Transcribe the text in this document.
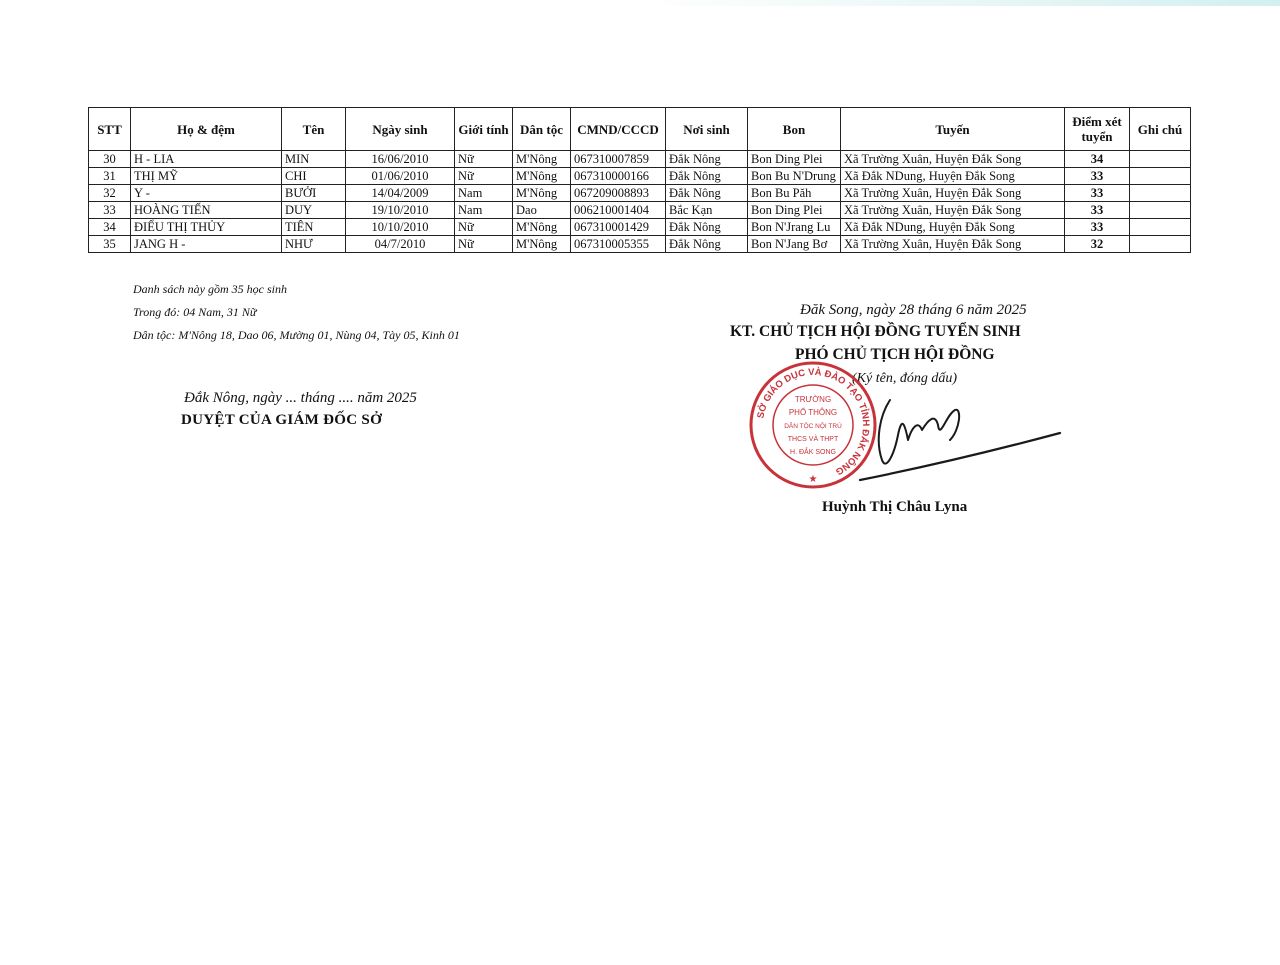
STT	Họ & đệm	Tên	Ngày sinh	Giới tính	Dân tộc	CMND/CCCD	Nơi sinh	Bon	Tuyến	Điểm xét tuyển	Ghi chú
30	H - LIA	MIN	16/06/2010	Nữ	M'Nông	067310007859	Đắk Nông	Bon Ding Plei	Xã Trường Xuân, Huyện Đắk Song	34	
31	THỊ MỸ	CHI	01/06/2010	Nữ	M'Nông	067310000166	Đắk Nông	Bon Bu N'Drung	Xã Đắk NDung, Huyện Đắk Song	33	
32	Y -	BƯỞI	14/04/2009	Nam	M'Nông	067209008893	Đắk Nông	Bon Bu Păh	Xã Trường Xuân, Huyện Đắk Song	33	
33	HOÀNG TIẾN	DUY	19/10/2010	Nam	Dao	006210001404	Bắc Kạn	Bon Ding Plei	Xã Trường Xuân, Huyện Đắk Song	33	
34	ĐIỂU THỊ THỦY	TIÊN	10/10/2010	Nữ	M'Nông	067310001429	Đắk Nông	Bon N'Jrang Lu	Xã Đắk NDung, Huyện Đắk Song	33	
35	JANG H -	NHƯ	04/7/2010	Nữ	M'Nông	067310005355	Đắk Nông	Bon N'Jang Bơ	Xã Trường Xuân, Huyện Đắk Song	32	
Danh sách này gồm 35 học sinh
Trong đó: 04 Nam, 31 Nữ
Dân tộc: M'Nông 18, Dao 06, Mường 01, Nùng 04, Tày 05, Kinh 01
Đắk Nông, ngày ... tháng .... năm 2025
DUYỆT CỦA GIÁM ĐỐC SỞ
Đăk Song, ngày 28 tháng 6 năm 2025
KT. CHỦ TỊCH HỘI ĐỒNG TUYỂN SINH
PHÓ CHỦ TỊCH HỘI ĐỒNG
(Ký tên, đóng dấu)
SỞ GIÁO DỤC VÀ ĐÀO TẠO TỈNH ĐẮK NÔNG
TRƯỜNG
PHỔ THÔNG
DÂN TỘC NỘI TRÚ
THCS VÀ THPT
H. ĐẮK SONG
★
Huỳnh Thị Châu Lyna
